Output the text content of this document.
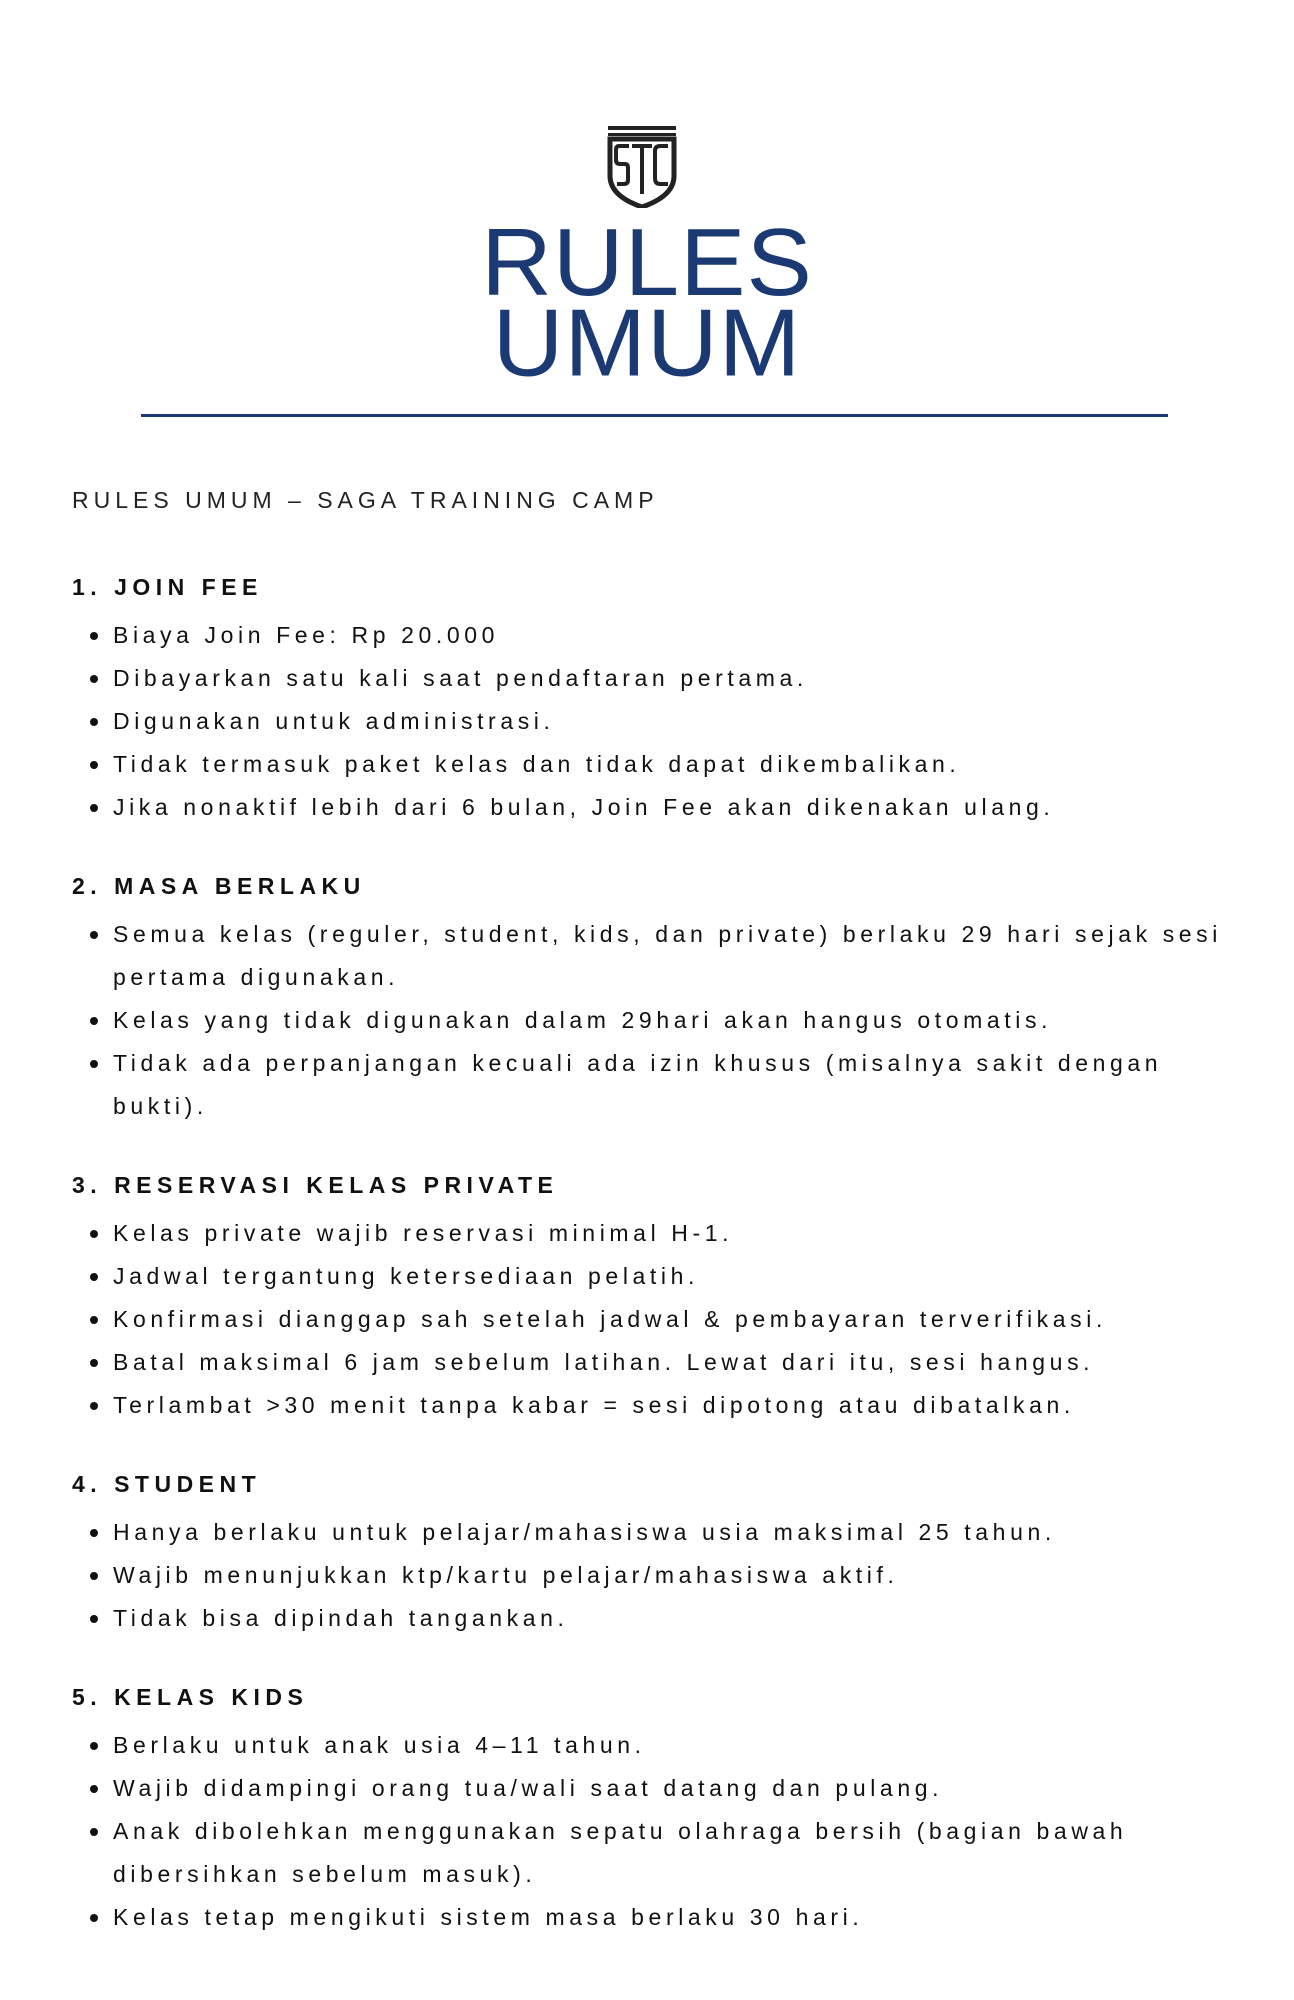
RULES
UMUM
RULES UMUM – SAGA TRAINING CAMP
1. JOIN FEE
Biaya Join Fee: Rp 20.000
Dibayarkan satu kali saat pendaftaran pertama.
Digunakan untuk administrasi.
Tidak termasuk paket kelas dan tidak dapat dikembalikan.
Jika nonaktif lebih dari 6 bulan, Join Fee akan dikenakan ulang.
2. MASA BERLAKU
Semua kelas (reguler, student, kids, dan private) berlaku 29 hari sejak sesi pertama digunakan.
Kelas yang tidak digunakan dalam 29hari akan hangus otomatis.
Tidak ada perpanjangan kecuali ada izin khusus (misalnya sakit dengan bukti).
3. RESERVASI KELAS PRIVATE
Kelas private wajib reservasi minimal H-1.
Jadwal tergantung ketersediaan pelatih.
Konfirmasi dianggap sah setelah jadwal & pembayaran terverifikasi.
Batal maksimal 6 jam sebelum latihan. Lewat dari itu, sesi hangus.
Terlambat >30 menit tanpa kabar = sesi dipotong atau dibatalkan.
4. STUDENT
Hanya berlaku untuk pelajar/mahasiswa usia maksimal 25 tahun.
Wajib menunjukkan ktp/kartu pelajar/mahasiswa aktif.
Tidak bisa dipindah tangankan.
5. KELAS KIDS
Berlaku untuk anak usia 4–11 tahun.
Wajib didampingi orang tua/wali saat datang dan pulang.
Anak dibolehkan menggunakan sepatu olahraga bersih (bagian bawah dibersihkan sebelum masuk).
Kelas tetap mengikuti sistem masa berlaku 30 hari.
